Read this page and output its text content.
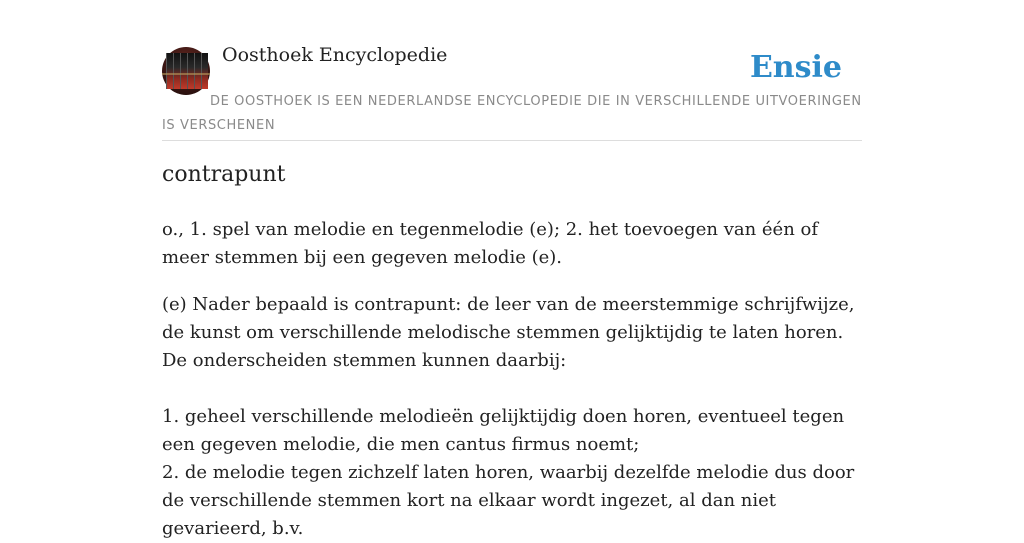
Oosthoek Encyclopedie	Ensie
DE OOSTHOEK IS EEN NEDERLANDSE ENCYCLOPEDIE DIE IN VERSCHILLENDE UITVOERINGEN IS VERSCHENEN
contrapunt

o., 1. spel van melodie en tegenmelodie (e); 2. het toevoegen van één of meer stemmen bij een gegeven melodie (e).

(e) Nader bepaald is contrapunt: de leer van de meerstemmige schrijfwijze, de kunst om verschillende melodische stemmen gelijktijdig te laten horen. De onderscheiden stemmen kunnen daarbij:

1. geheel verschillende melodieën gelijktijdig doen horen, eventueel tegen een gegeven melodie, die men cantus firmus noemt;

2. de melodie tegen zichzelf laten horen, waarbij dezelfde melodie dus door de verschillende stemmen kort na elkaar wordt ingezet, al dan niet gevarieerd, b.v.
